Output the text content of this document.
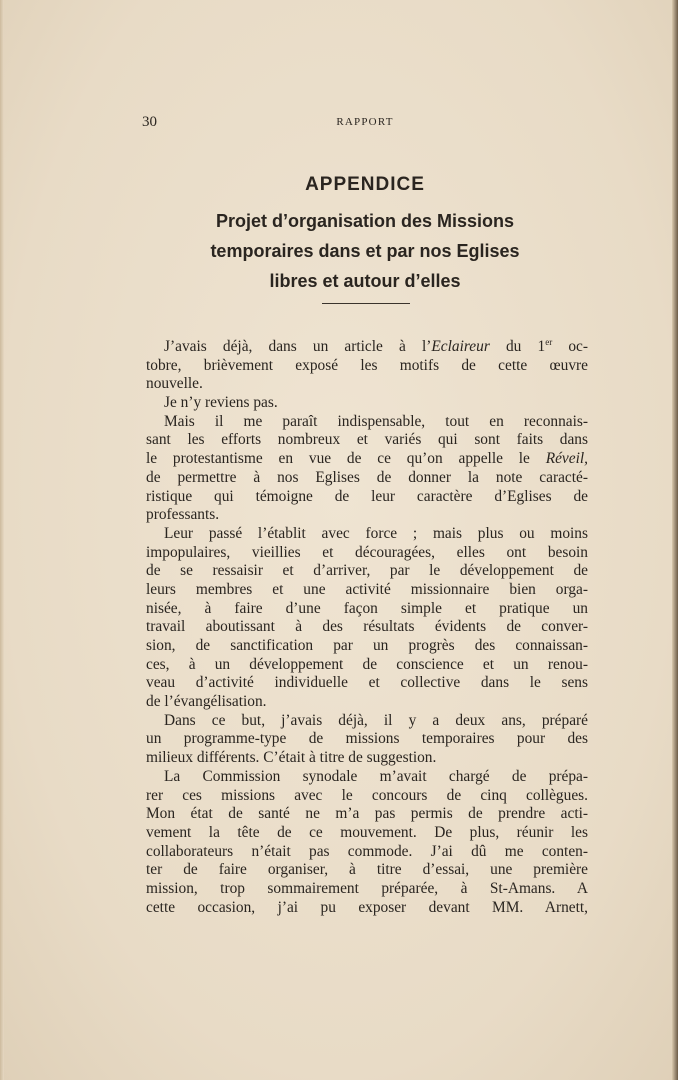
30	RAPPORT
APPENDICE
Projet d’organisation des Missions
temporaires dans et par nos Eglises
libres et autour d’elles
J’avais déjà, dans un article à l’Eclaireur du 1er oc-
tobre, brièvement exposé les motifs de cette œuvre
nouvelle.
Je n’y reviens pas.
Mais il me paraît indispensable, tout en reconnais-
sant les efforts nombreux et variés qui sont faits dans
le protestantisme en vue de ce qu’on appelle le Réveil,
de permettre à nos Eglises de donner la note caracté-
ristique qui témoigne de leur caractère d’Eglises de
professants.
Leur passé l’établit avec force ; mais plus ou moins
impopulaires, vieillies et découragées, elles ont besoin
de se ressaisir et d’arriver, par le développement de
leurs membres et une activité missionnaire bien orga-
nisée, à faire d’une façon simple et pratique un
travail aboutissant à des résultats évidents de conver-
sion, de sanctification par un progrès des connaissan-
ces, à un développement de conscience et un renou-
veau d’activité individuelle et collective dans le sens
de l’évangélisation.
Dans ce but, j’avais déjà, il y a deux ans, préparé
un programme-type de missions temporaires pour des
milieux différents. C’était à titre de suggestion.
La Commission synodale m’avait chargé de prépa-
rer ces missions avec le concours de cinq collègues.
Mon état de santé ne m’a pas permis de prendre acti-
vement la tête de ce mouvement. De plus, réunir les
collaborateurs n’était pas commode. J’ai dû me conten-
ter de faire organiser, à titre d’essai, une première
mission, trop sommairement préparée, à St-Amans. A
cette occasion, j’ai pu exposer devant MM. Arnett,
